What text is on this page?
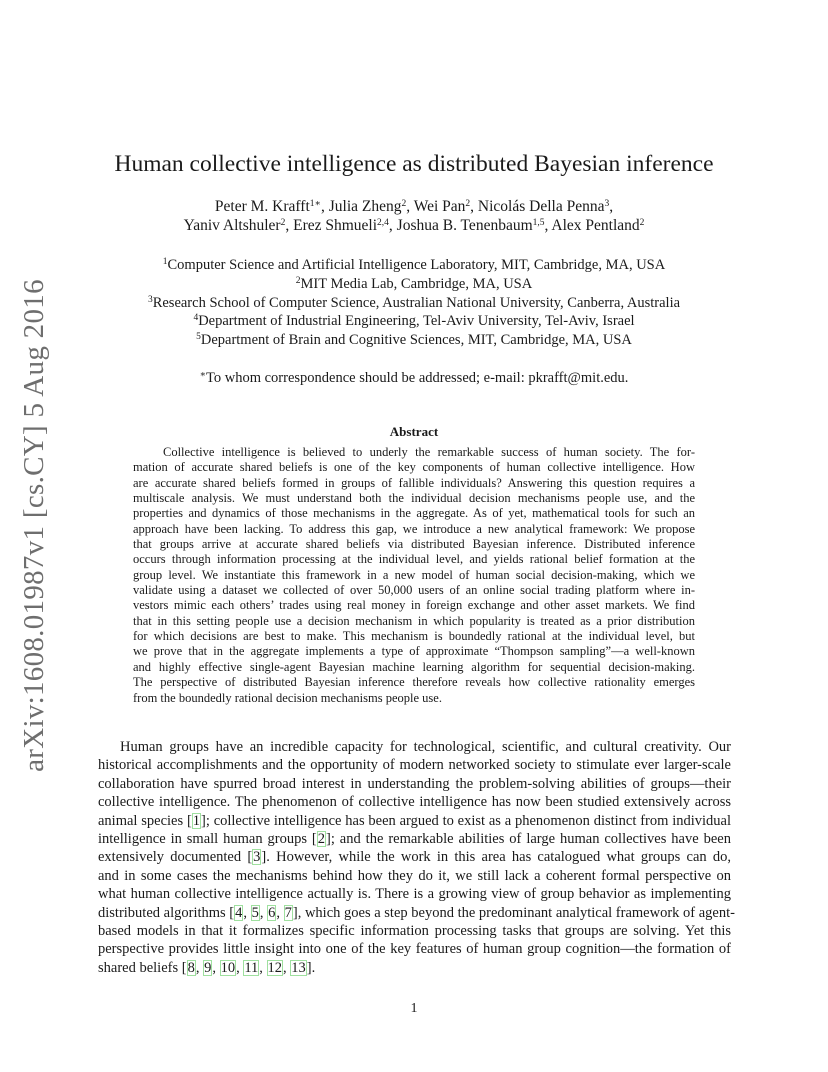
arXiv:1608.01987v1 [cs.CY] 5 Aug 2016
Human collective intelligence as distributed Bayesian inference
Peter M. Krafft$^{1∗}$, Julia Zheng$^2$, Wei Pan$^2$, Nicolás Della Penna$^3$,
Yaniv Altshuler$^2$, Erez Shmueli$^{2,4}$, Joshua B. Tenenbaum$^{1,5}$, Alex Pentland$^2$
$^1$Computer Science and Artificial Intelligence Laboratory, MIT, Cambridge, MA, USA
$^2$MIT Media Lab, Cambridge, MA, USA
$^3$Research School of Computer Science, Australian National University, Canberra, Australia
$^4$Department of Industrial Engineering, Tel-Aviv University, Tel-Aviv, Israel
$^5$Department of Brain and Cognitive Sciences, MIT, Cambridge, MA, USA
∗To whom correspondence should be addressed; e-mail: pkrafft@mit.edu.
Abstract
Collective intelligence is believed to underly the remarkable success of human society. The for-
mation of accurate shared beliefs is one of the key components of human collective intelligence. How
are accurate shared beliefs formed in groups of fallible individuals? Answering this question requires a
multiscale analysis. We must understand both the individual decision mechanisms people use, and the
properties and dynamics of those mechanisms in the aggregate. As of yet, mathematical tools for such an
approach have been lacking. To address this gap, we introduce a new analytical framework: We propose
that groups arrive at accurate shared beliefs via distributed Bayesian inference. Distributed inference
occurs through information processing at the individual level, and yields rational belief formation at the
group level. We instantiate this framework in a new model of human social decision-making, which we
validate using a dataset we collected of over 50,000 users of an online social trading platform where in-
vestors mimic each others’ trades using real money in foreign exchange and other asset markets. We find
that in this setting people use a decision mechanism in which popularity is treated as a prior distribution
for which decisions are best to make. This mechanism is boundedly rational at the individual level, but
we prove that in the aggregate implements a type of approximate “Thompson sampling”—a well-known
and highly effective single-agent Bayesian machine learning algorithm for sequential decision-making.
The perspective of distributed Bayesian inference therefore reveals how collective rationality emerges
from the boundedly rational decision mechanisms people use.
Human groups have an incredible capacity for technological, scientific, and cultural creativity. Our
historical accomplishments and the opportunity of modern networked society to stimulate ever larger-scale
collaboration have spurred broad interest in understanding the problem-solving abilities of groups—their
collective intelligence. The phenomenon of collective intelligence has now been studied extensively across
animal species [1]; collective intelligence has been argued to exist as a phenomenon distinct from individual
intelligence in small human groups [2]; and the remarkable abilities of large human collectives have been
extensively documented [3]. However, while the work in this area has catalogued what groups can do,
and in some cases the mechanisms behind how they do it, we still lack a coherent formal perspective on
what human collective intelligence actually is. There is a growing view of group behavior as implementing
distributed algorithms [4, 5, 6, 7], which goes a step beyond the predominant analytical framework of agent-
based models in that it formalizes specific information processing tasks that groups are solving. Yet this
perspective provides little insight into one of the key features of human group cognition—the formation of
shared beliefs [8, 9, 10, 11, 12, 13].
1
